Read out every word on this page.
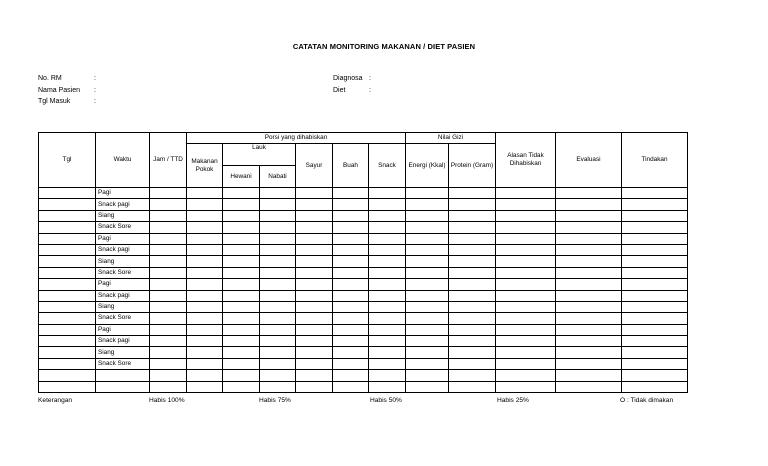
CATATAN MONITORING MAKANAN / DIET PASIEN
No. RM	:
Nama Pasien	:
Tgl Masuk	:
Diagnosa :
Diet	:
Tgl	Waktu	Jam / TTD	Porsi yang dihabiskan						Nilai Gizi		Alasan Tidak Dihabiskan	Evaluasi	Tindakan
			Makanan Pokok	Lauk		Sayur	Buah	Snack	Energi (Kkal)	Protein (Gram)			
				Hewani	Nabati								
	Pagi												
	Snack pagi												
	Siang												
	Snack Sore												
	Pagi												
	Snack pagi												
	Siang												
	Snack Sore												
	Pagi												
	Snack pagi												
	Siang												
	Snack Sore												
	Pagi												
	Snack pagi												
	Siang												
	Snack Sore												

Keterangan	Habis 100%	Habis 75%	Habis 50%	Habis 25%	O : Tidak dimakan
